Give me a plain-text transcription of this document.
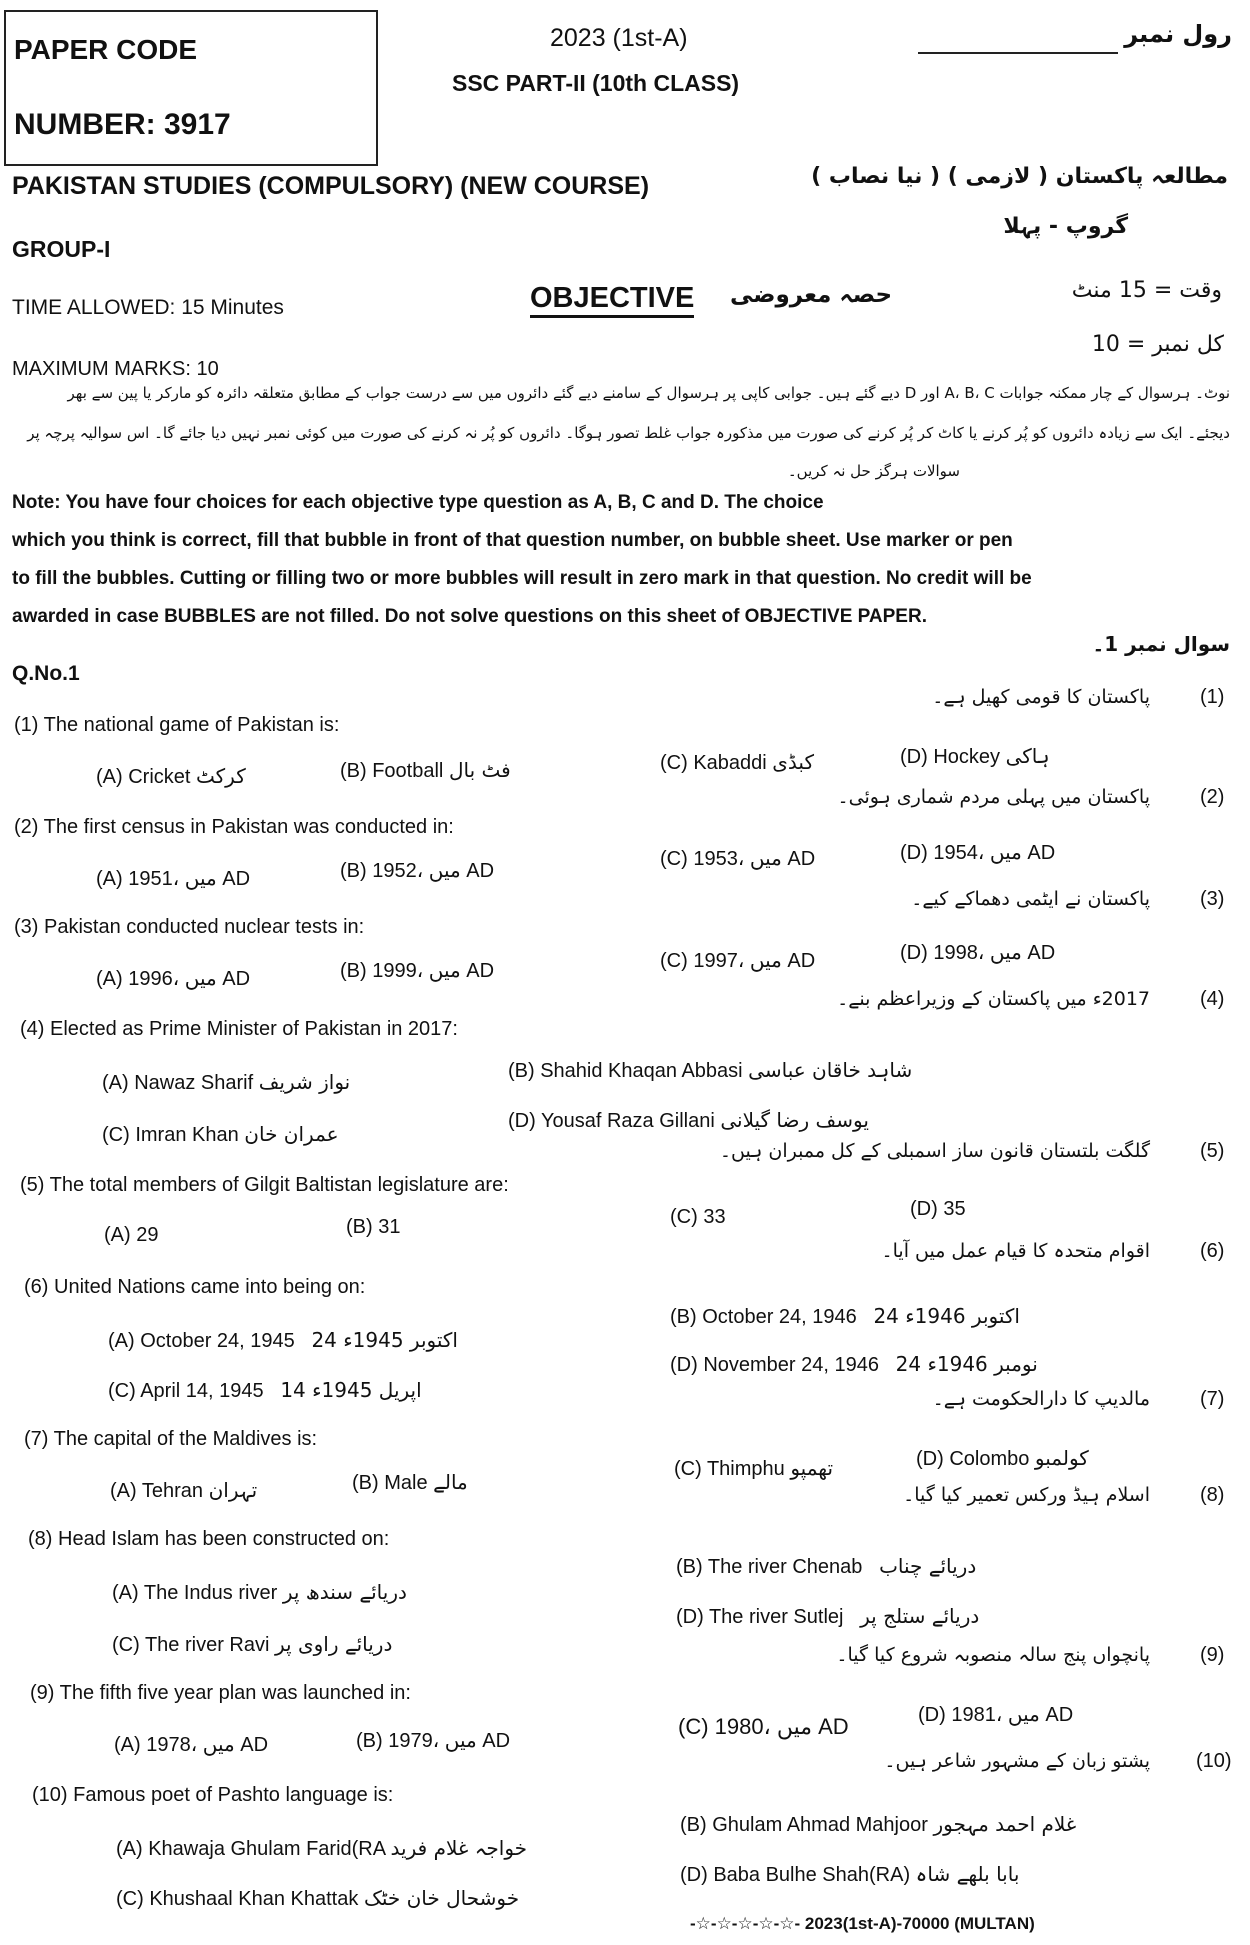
PAPER CODE
NUMBER: 3917
2023 (1st-A)
SSC PART-II (10th CLASS)
رول نمبر
PAKISTAN STUDIES (COMPULSORY) (NEW COURSE)	مطالعہ پاکستان ( لازمی ) ( نیا نصاب )
GROUP-I
گروپ - پہلا
TIME ALLOWED: 15 Minutes	OBJECTIVE حصہ معروضی	وقت = 15 منٹ
کل نمبر = 10
MAXIMUM MARKS: 10
نوٹ۔ ہرسوال کے چار ممکنہ جوابات A، B، C اور D دیے گئے ہیں۔ جوابی کاپی پر ہرسوال کے سامنے دیے گئے دائروں میں سے درست جواب کے مطابق متعلقہ دائرہ کو مارکر یا پین سے بھر
دیجئے۔ ایک سے زیادہ دائروں کو پُر کرنے یا کاٹ کر پُر کرنے کی صورت میں مذکورہ جواب غلط تصور ہوگا۔ دائروں کو پُر نہ کرنے کی صورت میں کوئی نمبر نہیں دیا جائے گا۔ اس سوالیہ پرچہ پر
سوالات ہرگز حل نہ کریں۔
Note: You have four choices for each objective type question as A, B, C and D. The choice
which you think is correct, fill that bubble in front of that question number, on bubble sheet. Use marker or pen
to fill the bubbles. Cutting or filling two or more bubbles will result in zero mark in that question. No credit will be
awarded in case BUBBLES are not filled. Do not solve questions on this sheet of OBJECTIVE PAPER.
Q.No.1
سوال نمبر 1۔
(1) The national game of Pakistan is:
پاکستان کا قومی کھیل ہے۔	(1)
(A) Cricket کرکٹ	(B) Football فٹ بال	(C) Kabaddi کبڈی	(D) Hockey ہاکی
(2) The first census in Pakistan was conducted in:
پاکستان میں پہلی مردم شماری ہوئی۔	(2)
(A) میں ،1951 AD	(B) میں ،1952 AD
(C) میں ،1953 AD	(D) میں ،1954 AD
(3) Pakistan conducted nuclear tests in:
پاکستان نے ایٹمی دھماکے کیے۔	(3)
(A) میں ،1996 AD	(B) میں ،1999 AD	(C) میں ،1997 AD	(D) میں ،1998 AD
(4) Elected as Prime Minister of Pakistan in 2017:
2017ء میں پاکستان کے وزیراعظم بنے۔	(4)
(A) Nawaz Sharif نواز شریف	(B) Shahid Khaqan Abbasi شاہد خاقان عباسی
(C) Imran Khan عمران خان
(D) Yousaf Raza Gillani یوسف رضا گیلانی
(5) The total members of Gilgit Baltistan legislature are:
گلگت بلتستان قانون ساز اسمبلی کے کل ممبران ہیں۔	(5)
(A) 29	(B) 31	(C) 33	(D) 35
(6) United Nations came into being on:
اقوام متحدہ کا قیام عمل میں آیا۔	(6)
(A) October 24, 1945 24 اکتوبر 1945ء
(B) October 24, 1946 24 اکتوبر 1946ء
(C) April 14, 1945 14 اپریل 1945ء
(D) November 24, 1946 24 نومبر 1946ء
(7) The capital of the Maldives is:
مالدیپ کا دارالحکومت ہے۔	(7)
(A) Tehran تہران	(B) Male مالے
(C) Thimphu تھمپو	(D) Colombo کولمبو
(8) Head Islam has been constructed on:
اسلام ہیڈ ورکس تعمیر کیا گیا۔	(8)
(A) The Indus river دریائے سندھ پر
(B) The river Chenab دریائے چناب
(C) The river Ravi دریائے راوی پر
(D) The river Sutlej دریائے ستلج پر
(9) The fifth five year plan was launched in:
پانچواں پنج سالہ منصوبہ شروع کیا گیا۔	(9)
(A) میں ،1978 AD	(B) میں ،1979 AD
(C) میں ،1980 AD	(D) میں ،1981 AD
(10) Famous poet of Pashto language is:
پشتو زبان کے مشہور شاعر ہیں۔ (10)
(A) Khawaja Ghulam Farid(RA خواجہ غلام فرید
(B) Ghulam Ahmad Mahjoor غلام احمد مہجور
(C) Khushaal Khan Khattak خوشحال خان خٹک
(D) Baba Bulhe Shah(RA) بابا بلھے شاہ
-☆-☆-☆-☆-☆- 2023(1st-A)-70000 (MULTAN)
